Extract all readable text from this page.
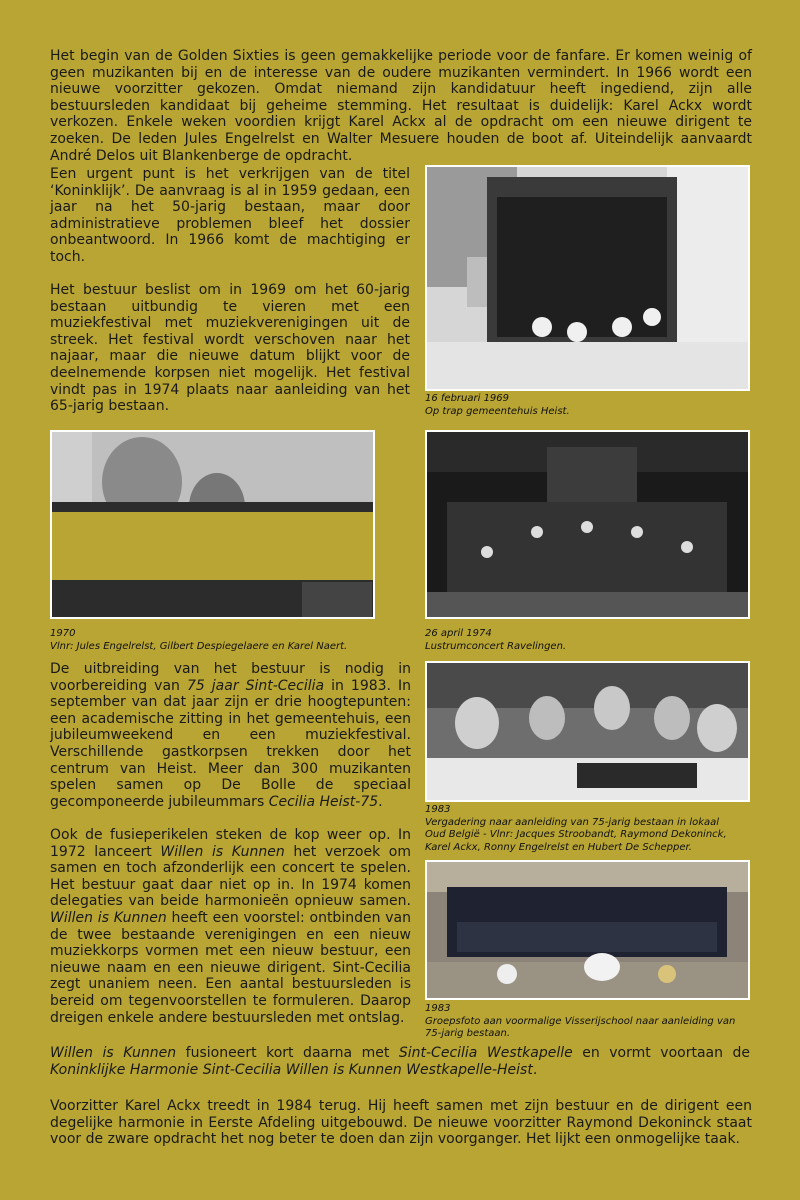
Het begin van de Golden Sixties is geen gemakkelijke periode voor de fanfare. Er komen weinig of geen muzikanten bij en de interesse van de oudere muzikanten vermindert. In 1966 wordt een nieuwe voorzitter gekozen. Omdat niemand zijn kandidatuur heeft ingediend, zijn alle bestuursleden kandidaat bij geheime stemming. Het resultaat is duidelijk: Karel Ackx wordt verkozen. Enkele weken voordien krijgt Karel Ackx al de opdracht om een nieuwe dirigent te zoeken. De leden Jules Engelrelst en Walter Mesuere houden de boot af. Uiteindelijk aanvaardt André Delos uit Blankenberge de opdracht.

Een urgent punt is het verkrijgen van de titel ‘Koninklijk’. De aanvraag is al in 1959 gedaan, een jaar na het 50-jarig bestaan, maar door administratieve problemen bleef het dossier onbeantwoord. In 1966 komt de machtiging er toch.

Het bestuur beslist om in 1969 om het 60-jarig bestaan uitbundig te vieren met een muziekfestival met muziekverenigingen uit de streek. Het festival wordt verschoven naar het najaar, maar die nieuwe datum blijkt voor de deelnemende korpsen niet mogelijk. Het festival vindt pas in 1974 plaats naar aanleiding van het 65-jarig bestaan.	16 februari 1969
Op trap gemeentehuis Heist.
1970
Vlnr: Jules Engelrelst, Gilbert Despiegelaere en Karel Naert.
26 april 1974
Lustrumconcert Ravelingen.
1983
Vergadering naar aanleiding van 75-jarig bestaan in lokaal
Oud België - Vlnr: Jacques Stroobandt, Raymond Dekoninck,
Karel Ackx, Ronny Engelrelst en Hubert De Schepper.
1983
Groepsfoto aan voormalige Visserijschool naar aanleiding van
75-jarig bestaan.

De uitbreiding van het bestuur is nodig in voorbereiding van 75 jaar Sint-Cecilia in 1983. In september van dat jaar zijn er drie hoogtepunten: een academische zitting in het gemeentehuis, een jubileumweekend en een muziekfestival. Verschillende gastkorpsen trekken door het centrum van Heist. Meer dan 300 muzikanten spelen samen op De Bolle de speciaal gecomponeerde jubileummars Cecilia Heist-75.

Ook de fusieperikelen steken de kop weer op. In 1972 lanceert Willen is Kunnen het verzoek om samen en toch afzonderlijk een concert te spelen. Het bestuur gaat daar niet op in. In 1974 komen delegaties van beide harmonieën opnieuw samen. Willen is Kunnen heeft een voorstel: ontbinden van de twee bestaande verenigingen en een nieuw muziekkorps vormen met een nieuw bestuur, een nieuwe naam en een nieuwe dirigent. Sint-Cecilia zegt unaniem neen. Een aantal bestuursleden is bereid om tegenvoorstellen te formuleren. Daarop dreigen enkele andere bestuursleden met ontslag.

Willen is Kunnen fusioneert kort daarna met Sint-Cecilia Westkapelle en vormt voortaan de Koninklijke Harmonie Sint-Cecilia Willen is Kunnen Westkapelle-Heist.

Voorzitter Karel Ackx treedt in 1984 terug. Hij heeft samen met zijn bestuur en de dirigent een degelijke harmonie in Eerste Afdeling uitgebouwd. De nieuwe voorzitter Raymond Dekoninck staat voor de zware opdracht het nog beter te doen dan zijn voorganger. Het lijkt een onmogelijke taak.
